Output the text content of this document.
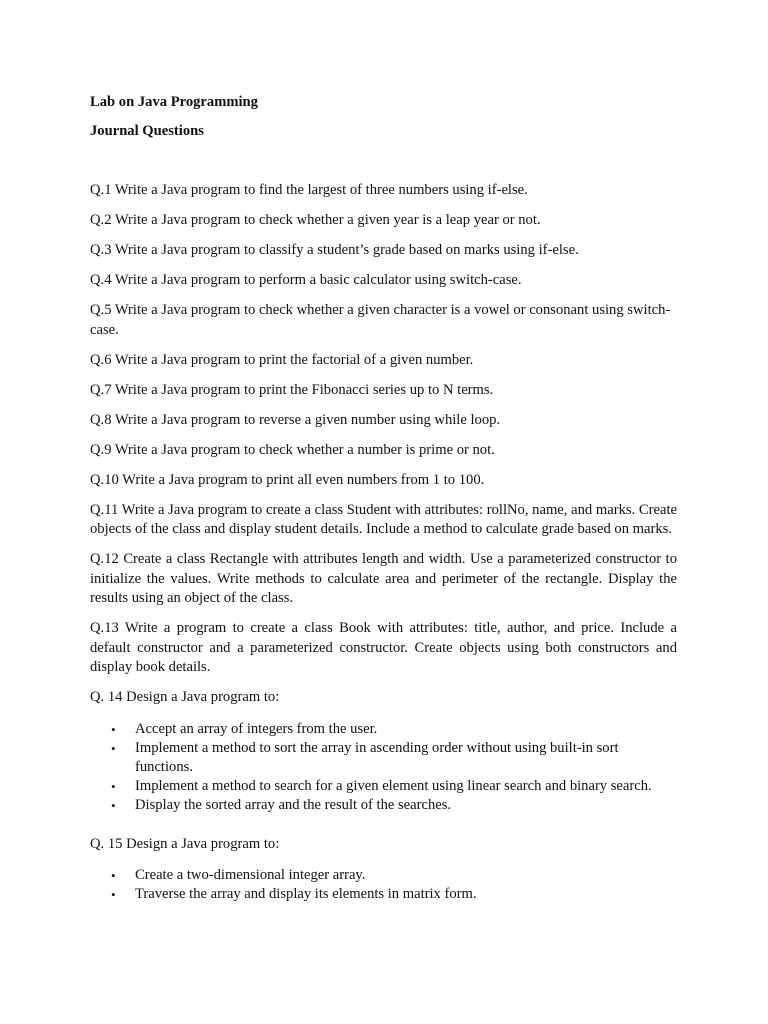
Lab on Java Programming

Journal Questions

Q.1 Write a Java program to find the largest of three numbers using if-else.

Q.2 Write a Java program to check whether a given year is a leap year or not.

Q.3 Write a Java program to classify a student’s grade based on marks using if-else.

Q.4 Write a Java program to perform a basic calculator using switch-case.

Q.5 Write a Java program to check whether a given character is a vowel or consonant using switch-case.

Q.6 Write a Java program to print the factorial of a given number.

Q.7 Write a Java program to print the Fibonacci series up to N terms.

Q.8 Write a Java program to reverse a given number using while loop.

Q.9 Write a Java program to check whether a number is prime or not.

Q.10 Write a Java program to print all even numbers from 1 to 100.

Q.11 Write a Java program to create a class Student with attributes: rollNo, name, and marks. Create objects of the class and display student details. Include a method to calculate grade based on marks.

Q.12 Create a class Rectangle with attributes length and width. Use a parameterized constructor to initialize the values. Write methods to calculate area and perimeter of the rectangle. Display the results using an object of the class.

Q.13 Write a program to create a class Book with attributes: title, author, and price. Include a default constructor and a parameterized constructor. Create objects using both constructors and display book details.

Q. 14 Design a Java program to:

• Accept an array of integers from the user.
• Implement a method to sort the array in ascending order without using built-in sort functions.
• Implement a method to search for a given element using linear search and binary search.
• Display the sorted array and the result of the searches.

Q. 15 Design a Java program to:

• Create a two-dimensional integer array.
• Traverse the array and display its elements in matrix form.
